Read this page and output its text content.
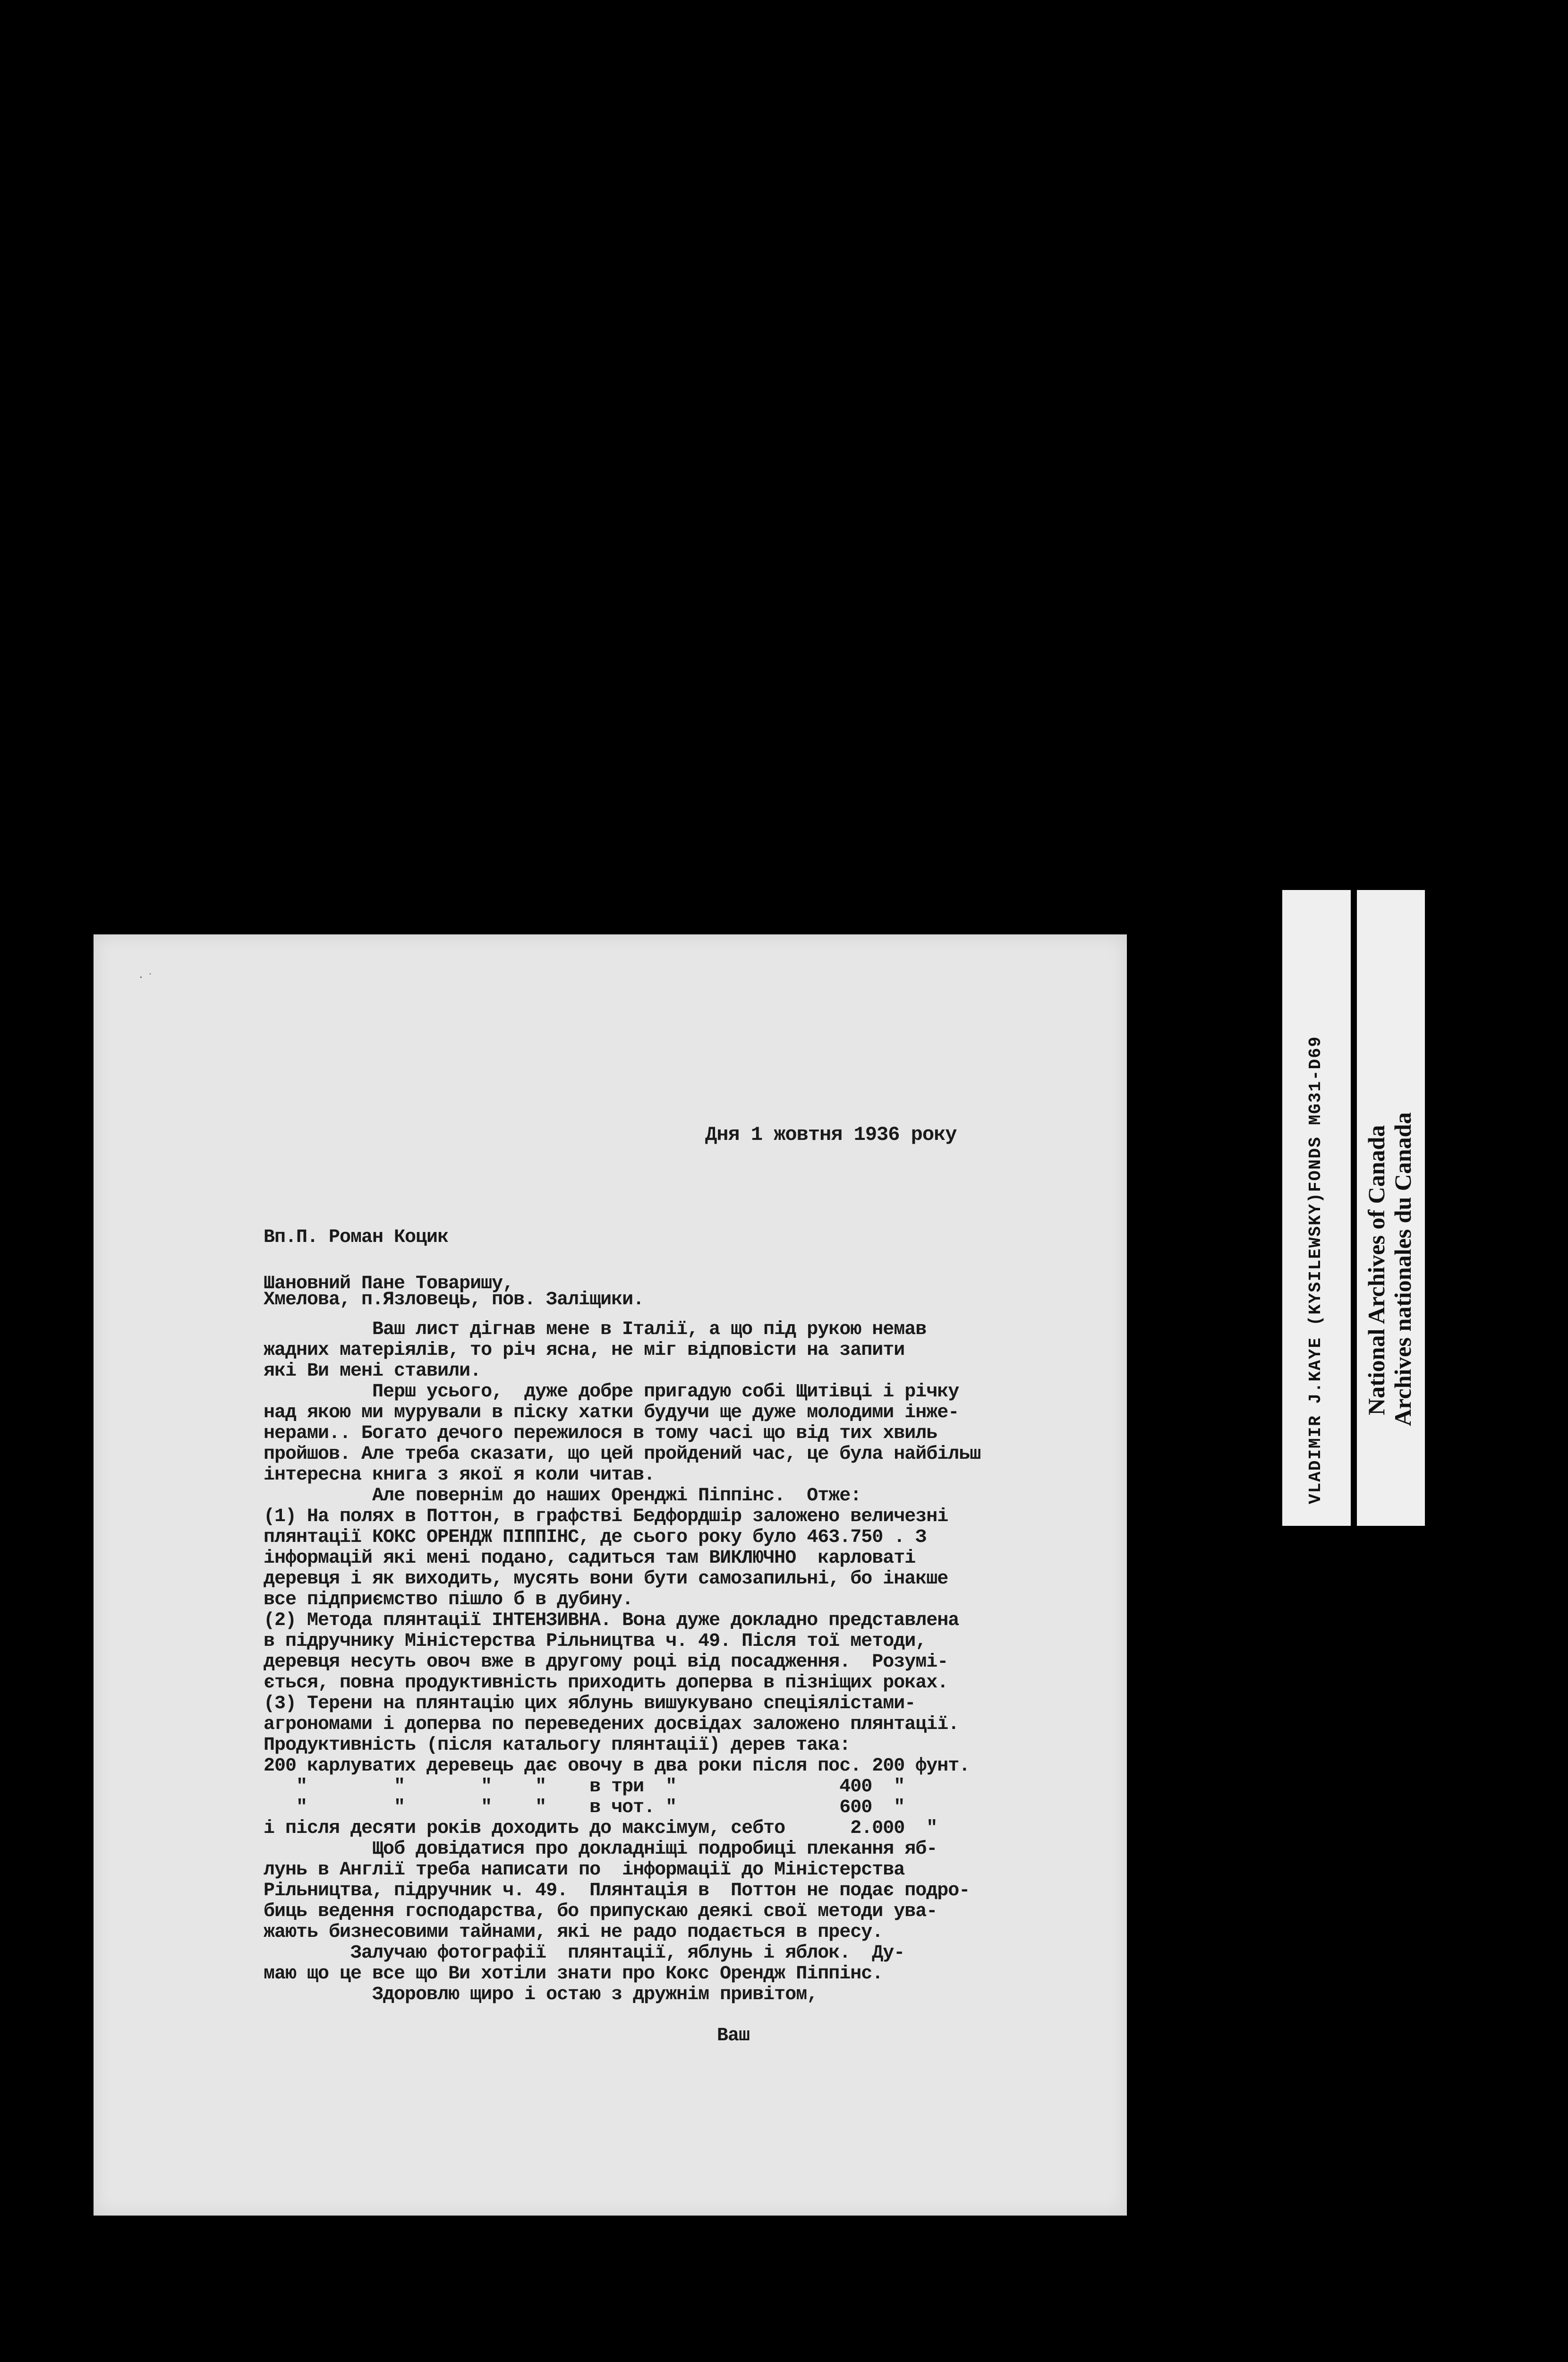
· ˙
Дня 1 жовтня 1936 року

Вп.П. Роман Коцик

Хмелова, п.Язловець, пов. Заліщики.

Шановний Пане Товаришу,
Ваш лист дігнав мене в Італії, а що під рукою немав
жадних матеріялів, то річ ясна, не міг відповісти на запити
які Ви мені ставили.
Перш усього,  дуже добре пригадую собі Щитівці і річку
над якою ми мурували в піску хатки будучи ще дуже молодими інже-
нерами.. Богато дечого пережилося в тому часі що від тих хвиль
пройшов. Але треба сказати, що цей пройдений час, це була найбільш
інтересна книга з якої я коли читав.
Але повернім до наших Оренджі Піппінс.  Отже:
(1) На полях в Поттон, в графстві Бедфордшір заложено величезні
плянтації КОКС ОРЕНДЖ ПІППІНС, де сього року було 463.750 . З
інформацій які мені подано, садиться там ВИКЛЮЧНО  карловаті
деревця і як виходить, мусять вони бути самозапильні, бо інакше
все підприємство пішло б в дубину.
(2) Метода плянтації ІНТЕНЗИВНА. Вона дуже докладно представлена
в підручнику Міністерства Рільництва ч. 49. Після тої методи,
деревця несуть овоч вже в другому році від посадження.  Розумі-
ється, повна продуктивність приходить доперва в пізніщих роках.
(3) Терени на плянтацію цих яблунь вишукувано спеціялістами-
агрономами і доперва по переведених досвідах заложено плянтації.
Продуктивність (після катальогу плянтації) дерев така:
200 карлуватих деревець дає овочу в два роки після пос. 200 фунт.
"        "       "    "    в три  "               400  "
"        "       "    "    в чот. "               600  "
і після десяти років доходить до максімум, себто      2.000  "
Щоб довідатися про докладніщі подробиці плекання яб-
лунь в Англії треба написати по  інформації до Міністерства
Рільництва, підручник ч. 49.  Плянтація в  Поттон не подає подро-
биць ведення господарства, бо припускаю деякі свої методи ува-
жають бизнесовими тайнами, які не радо подається в пресу.
Залучаю фотографії  плянтації, яблунь і яблок.  Ду-
маю що це все що Ви хотіли знати про Кокс Орендж Піппінс.
Здоровлю щиро і остаю з дружнім привітом,
Ваш
VLADIMIR J.KAYE (KYSILEWSKY)FONDS MG31-D69 National Archives of Canada Archives nationales du Canada
